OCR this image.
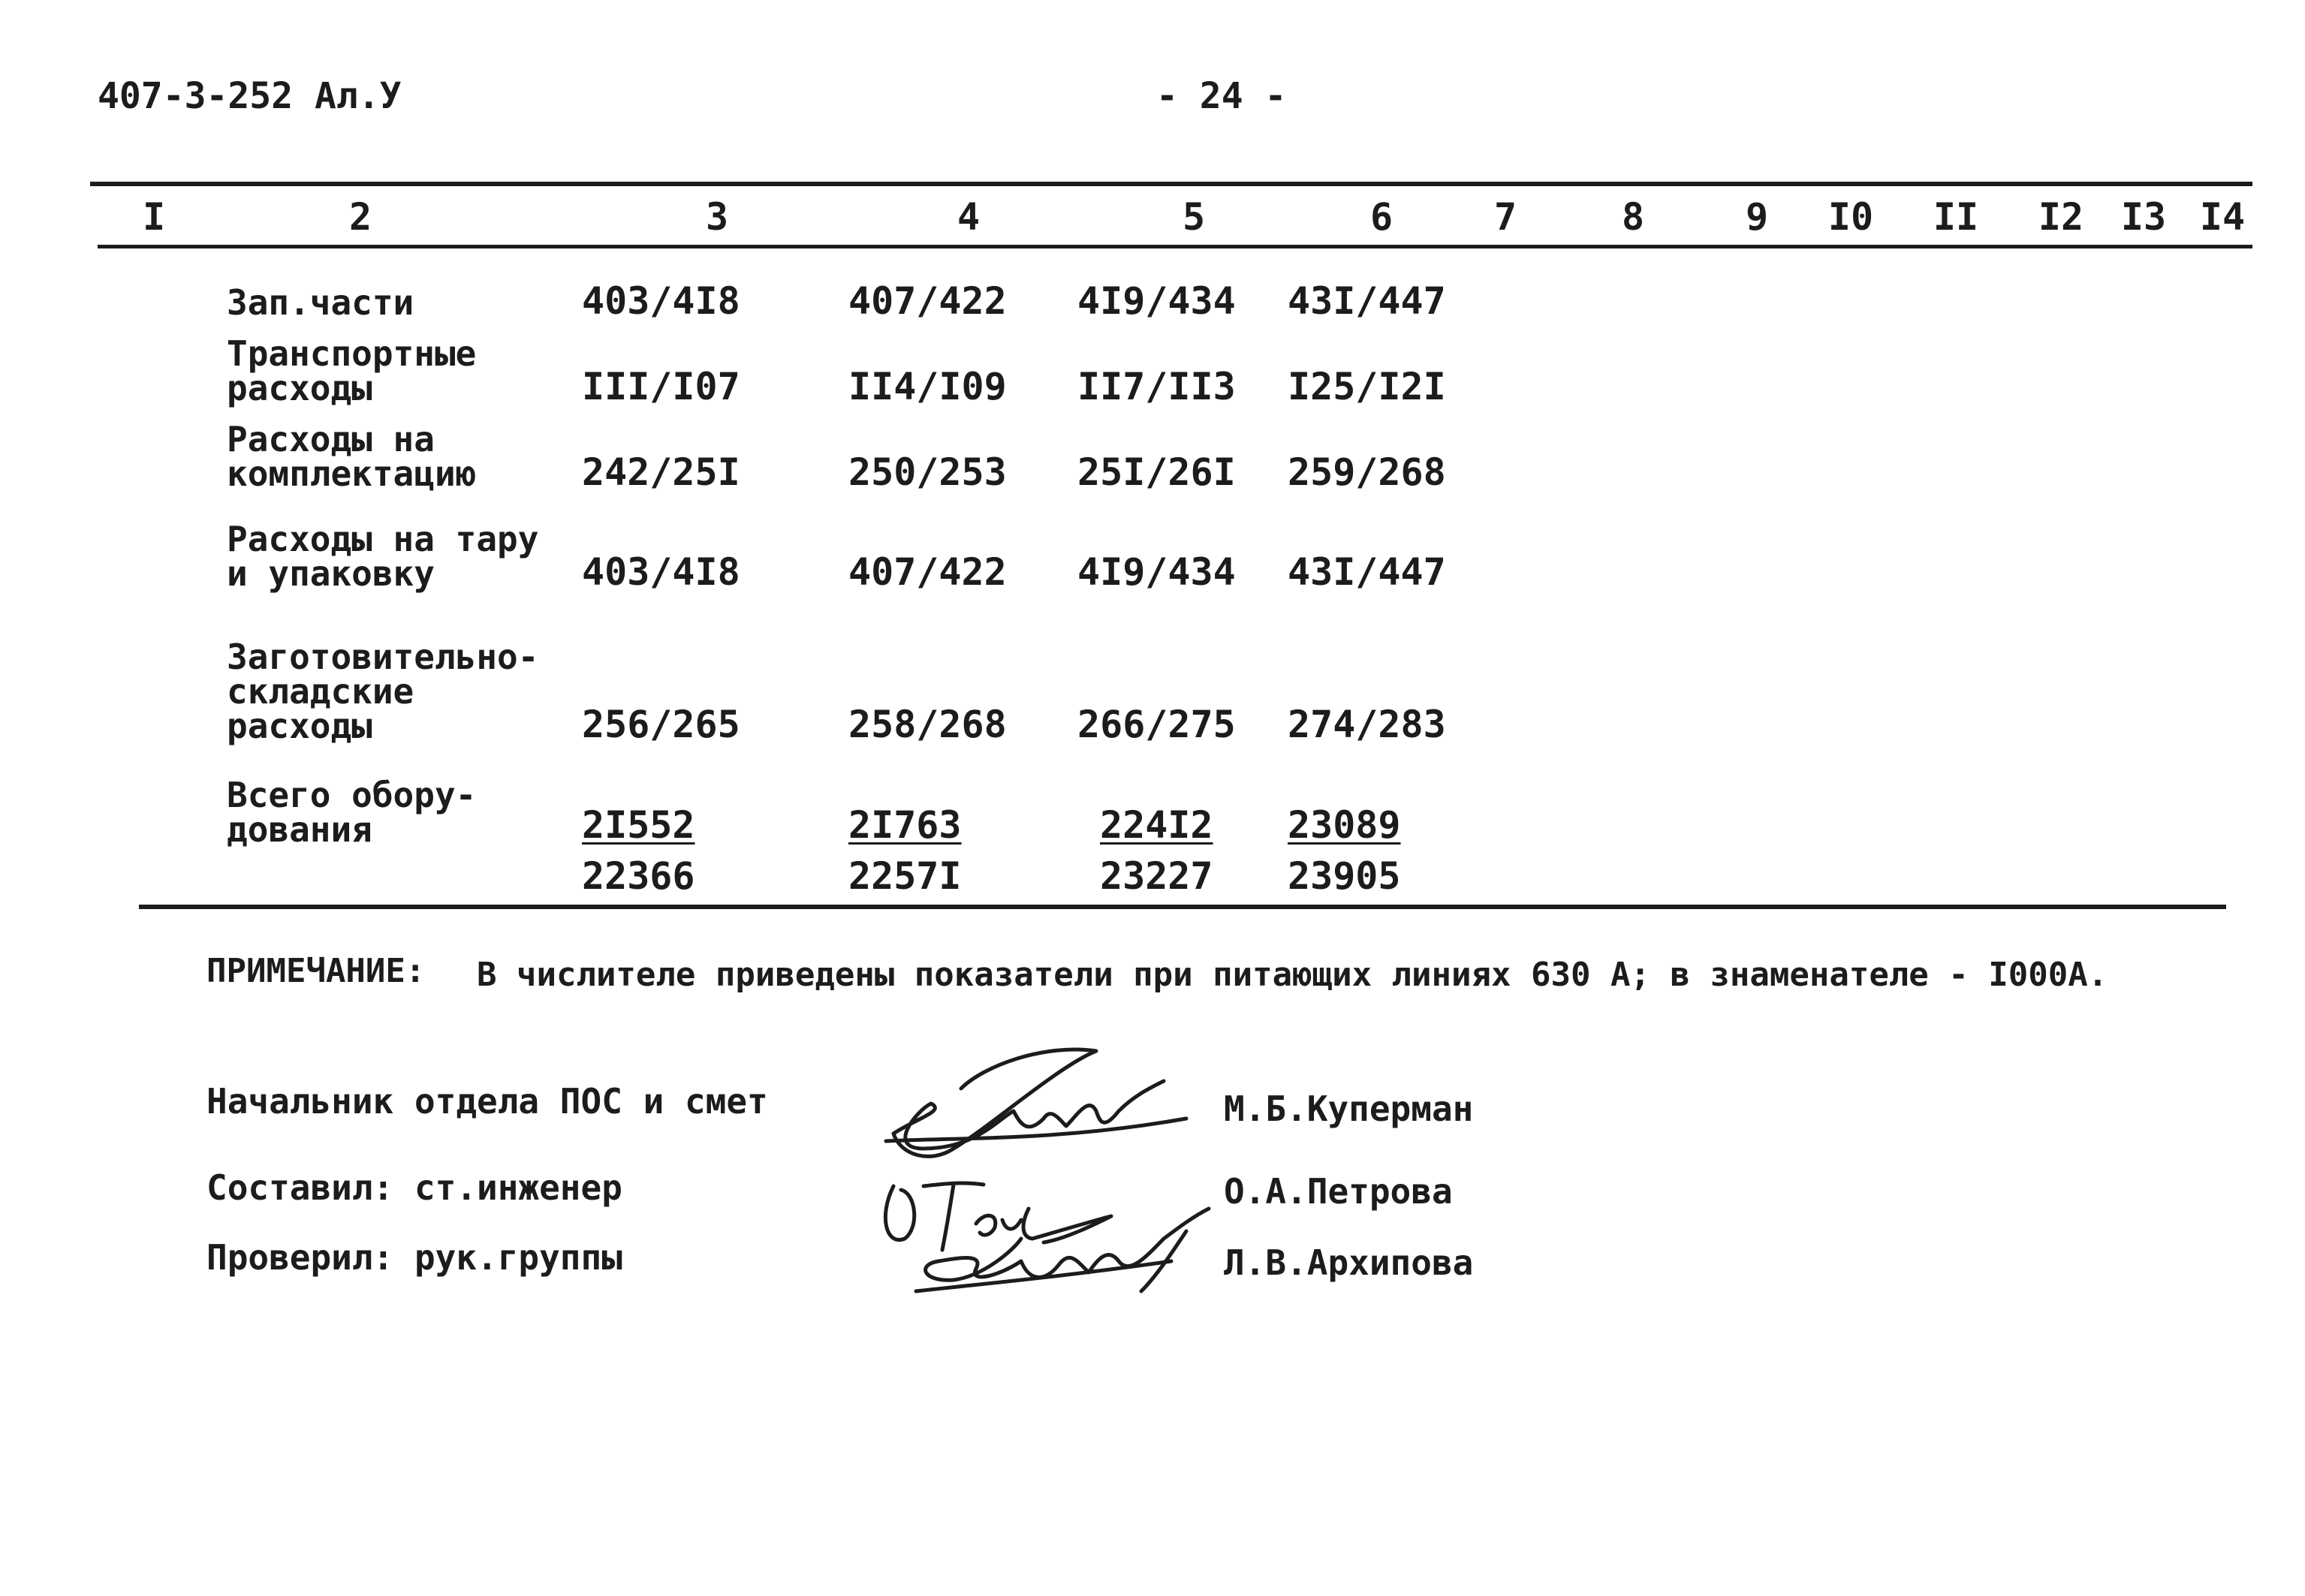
407-3-252 Ал.У	- 24 -
I	2	3	4	5	6	7	8	9	I0 II I2 I3 I4
Зап.части	403/4I8	407/422 4I9/434 43I/447
Транспортные
расходы	III/I07	II4/I09 II7/II3 I25/I2I
Расходы на
комплектацию	242/25I	250/253 25I/26I 259/268
Расходы на тару
и упаковку	403/4I8	407/422 4I9/434 43I/447
Заготовительно-
складские
расходы	256/265	258/268 266/275 274/283
Всего обору-
дования	2I552	2I763	224I2 23089
22366	2257I	23227 23905
ПРИМЕЧАНИЕ: В числителе приведены показатели при питающих линиях 630 А; в знаменателе - I000А.
Начальник отдела ПОС и смет	М.Б.Куперман
Составил: ст.инженер	О.А.Петрова
Проверил: рук.группы	Л.В.Архипова
